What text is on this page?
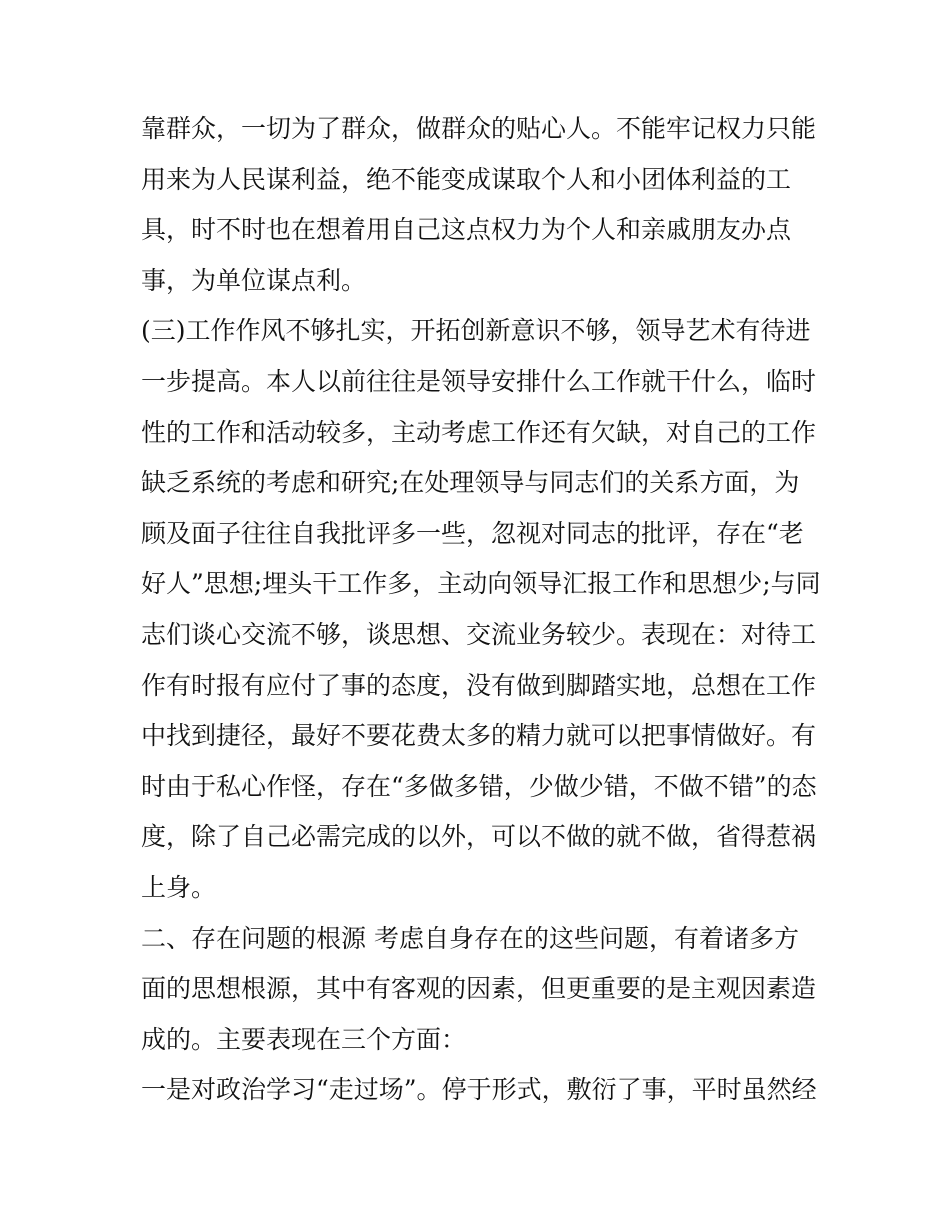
靠群众，一切为了群众，做群众的贴心人。不能牢记权力只能
用来为人民谋利益，绝不能变成谋取个人和小团体利益的工
具，时不时也在想着用自己这点权力为个人和亲戚朋友办点
事，为单位谋点利。
(三)工作作风不够扎实，开拓创新意识不够，领导艺术有待进
一步提高。本人以前往往是领导安排什么工作就干什么，临时
性的工作和活动较多，主动考虑工作还有欠缺，对自己的工作
缺乏系统的考虑和研究;在处理领导与同志们的关系方面，为
顾及面子往往自我批评多一些，忽视对同志的批评，存在“老
好人”思想;埋头干工作多，主动向领导汇报工作和思想少;与同
志们谈心交流不够，谈思想、交流业务较少。表现在：对待工
作有时报有应付了事的态度，没有做到脚踏实地，总想在工作
中找到捷径，最好不要花费太多的精力就可以把事情做好。有
时由于私心作怪，存在“多做多错，少做少错，不做不错”的态
度，除了自己必需完成的以外，可以不做的就不做，省得惹祸
上身。
二、存在问题的根源 考虑自身存在的这些问题，有着诸多方
面的思想根源，其中有客观的因素，但更重要的是主观因素造
成的。主要表现在三个方面：
一是对政治学习“走过场”。停于形式，敷衍了事，平时虽然经
